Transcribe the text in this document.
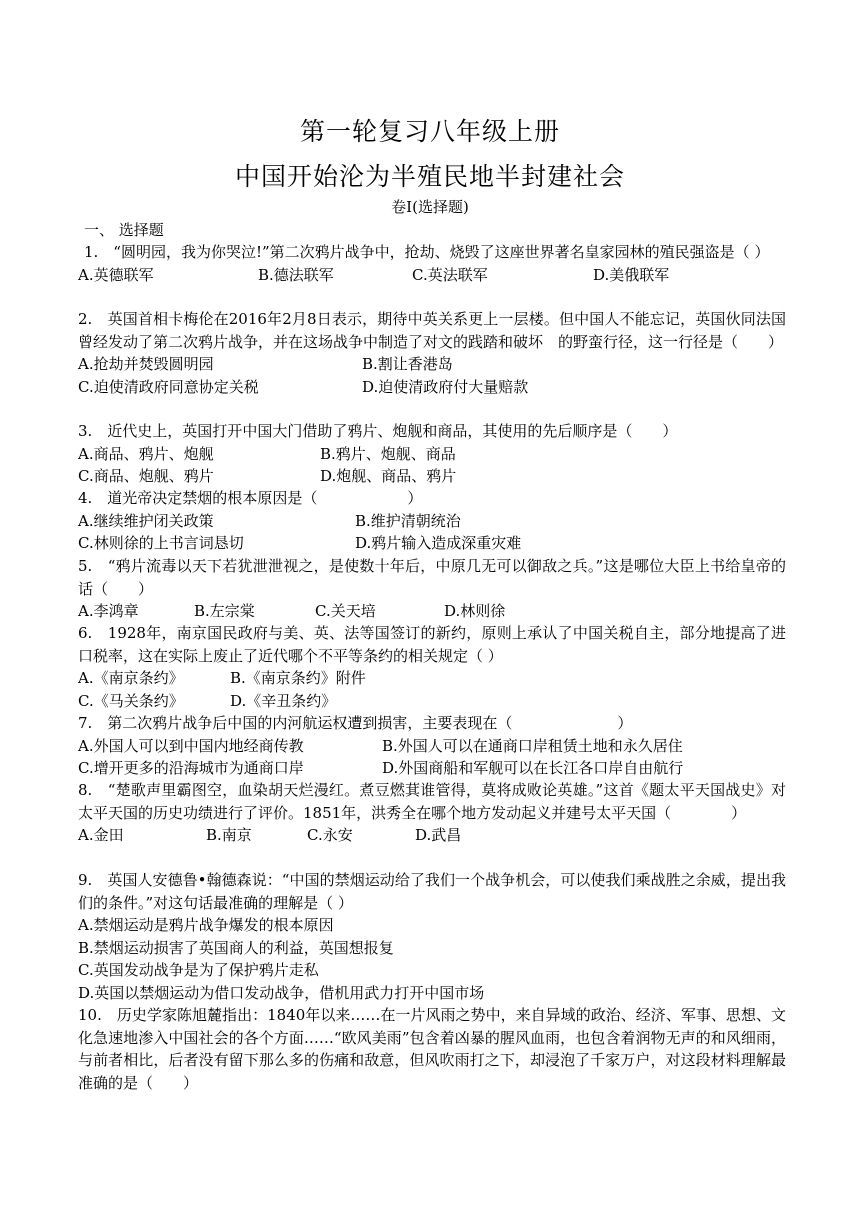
第一轮复习八年级上册
中国开始沦为半殖民地半封建社会
卷Ⅰ(选择题)
一、 选择题

1.　“圆明园，我为你哭泣!”第二次鸦片战争中，抢劫、烧毁了这座世界著名皇家园林的殖民强盗是（ ）

A.英德联军	B.德法联军	C.英法联军	D.美俄联军

2.　英国首相卡梅伦在2016年2月8日表示，期待中英关系更上一层楼。但中国人不能忘记，英国伙同法国曾经发动了第二次鸦片战争，并在这场战争中制造了对文的践踏和破坏　的野蛮行径，这一行径是（　　）

A.抢劫并焚毁圆明园	B.割让香港岛
C.迫使清政府同意协定关税	D.迫使清政府付大量赔款

3.　近代史上，英国打开中国大门借助了鸦片、炮舰和商品，其使用的先后顺序是（　　）

A.商品、鸦片、炮舰	B.鸦片、炮舰、商品
C.商品、炮舰、鸦片	D.炮舰、商品、鸦片

4.　道光帝决定禁烟的根本原因是（　　　　　　）

A.继续维护闭关政策	B.维护清朝统治
C.林则徐的上书言词恳切	D.鸦片输入造成深重灾难

5.　“鸦片流毒以天下若犹泄泄视之，是使数十年后，中原几无可以御敌之兵。”这是哪位大臣上书给皇帝的话（　　）

A.李鸿章	B.左宗棠	C.关天培	D.林则徐

6.　1928年，南京国民政府与美、英、法等国签订的新约，原则上承认了中国关税自主，部分地提高了进口税率，这在实际上废止了近代哪个不平等条约的相关规定（ ）

A.《南京条约》	B.《南京条约》附件
C.《马关条约》	D.《辛丑条约》

7.　第二次鸦片战争后中国的内河航运权遭到损害，主要表现在（　　　　　　　）

A.外国人可以到中国内地经商传教	B.外国人可以在通商口岸租赁土地和永久居住
C.增开更多的沿海城市为通商口岸	D.外国商船和军舰可以在长江各口岸自由航行

8.　“楚歌声里霸图空，血染胡天烂漫红。煮豆燃萁谁管得，莫将成败论英雄。”这首《题太平天国战史》对太平天国的历史功绩进行了评价。1851年，洪秀全在哪个地方发动起义并建号太平天国（　　　　）

A.金田	B.南京	C.永安	D.武昌

9.　英国人安德鲁•翰德森说：“中国的禁烟运动给了我们一个战争机会，可以使我们乘战胜之余威，提出我们的条件。”对这句话最准确的理解是（ ）

A.禁烟运动是鸦片战争爆发的根本原因

B.禁烟运动损害了英国商人的利益，英国想报复

C.英国发动战争是为了保护鸦片走私

D.英国以禁烟运动为借口发动战争，借机用武力打开中国市场

10.　历史学家陈旭麓指出：1840年以来……在一片风雨之势中，来自异域的政治、经济、军事、思想、文化急速地渗入中国社会的各个方面……“欧风美雨”包含着凶暴的腥风血雨，也包含着润物无声的和风细雨，与前者相比，后者没有留下那么多的伤痛和敌意，但风吹雨打之下，却浸泡了千家万户，对这段材料理解最准确的是（　　）
